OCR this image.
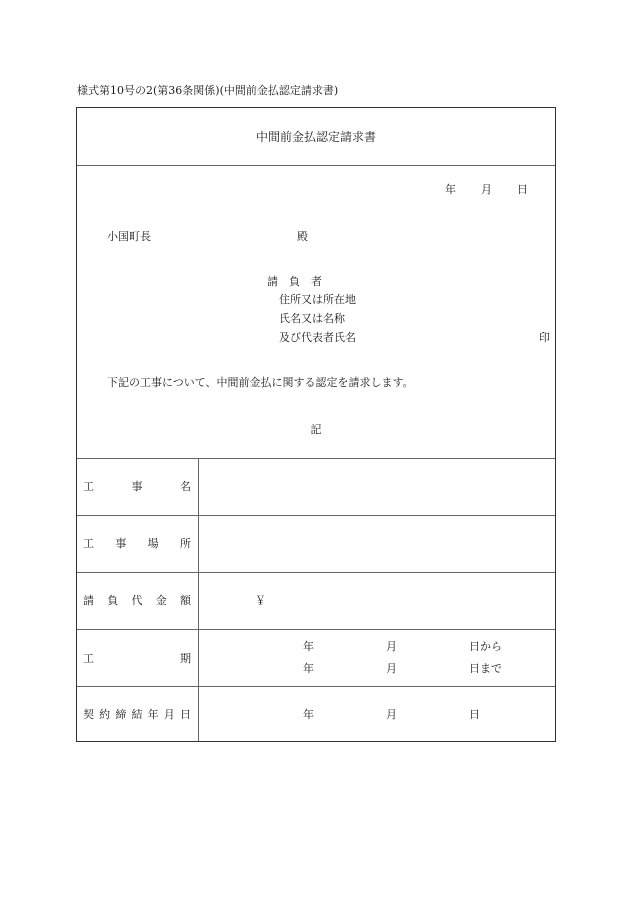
様式第10号の2(第36条関係)(中間前金払認定請求書)
中間前金払認定請求書
年 月 日
小国町長	殿
請　負　者
住所又は所在地
氏名又は名称
及び代表者氏名	印
下記の工事について、中間前金払に関する認定を請求します。
記
工	事	名
工 事 場 所
請 負 代 金 額	￥
工	期
年	月	日から
年	月	日まで
契 約 締 結 年 月 日	年	月	日
